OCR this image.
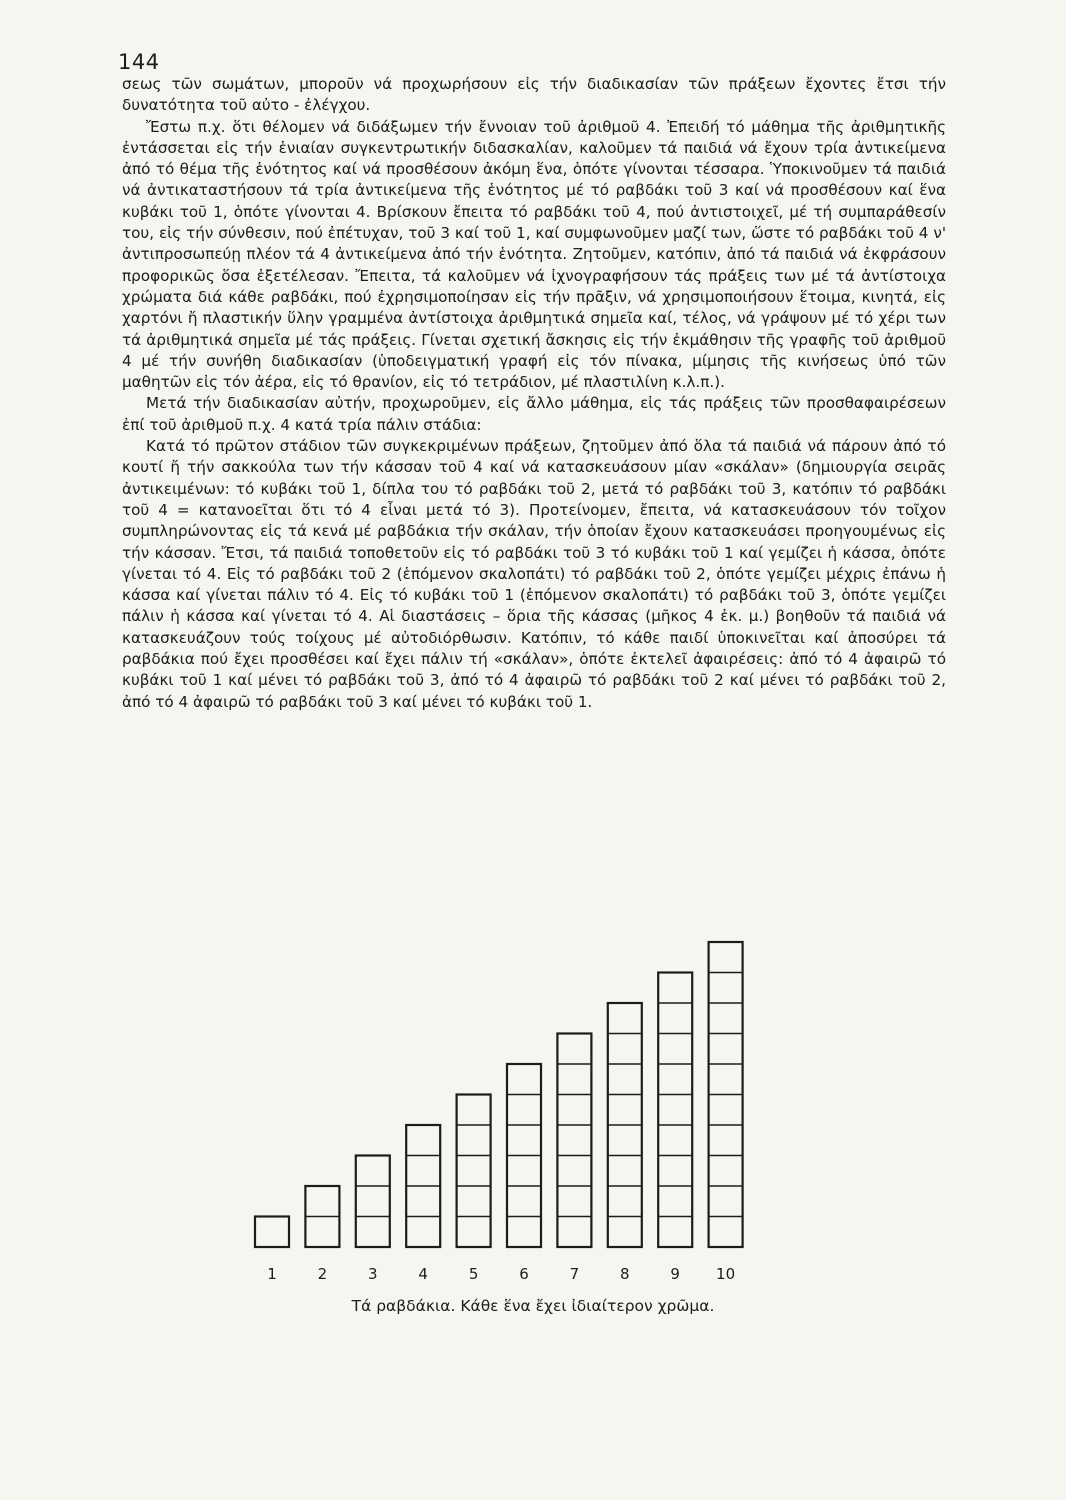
144

σεως τῶν σωμάτων, μποροῦν νά προχωρήσουν εἰς τήν διαδικασίαν τῶν πράξεων ἔχοντες ἔτσι τήν δυνατότητα τοῦ αὐτο - ἐλέγχου.

Ἔστω π.χ. ὅτι θέλομεν νά διδάξωμεν τήν ἔννοιαν τοῦ ἀριθμοῦ 4. Ἐπειδή τό μάθημα τῆς ἀριθμητικῆς ἐντάσσεται εἰς τήν ἑνιαίαν συγκεντρωτικήν διδασκαλίαν, καλοῦμεν τά παιδιά νά ἔχουν τρία ἀντικείμενα ἀπό τό θέμα τῆς ἑνότητος καί νά προσθέσουν ἀκόμη ἕνα, ὁπότε γίνονται τέσσαρα. Ὑποκινοῦμεν τά παιδιά νά ἀντικαταστήσουν τά τρία ἀντικείμενα τῆς ἑνότητος μέ τό ραβδάκι τοῦ 3 καί νά προσθέσουν καί ἕνα κυβάκι τοῦ 1, ὁπότε γίνονται 4. Βρίσκουν ἔπειτα τό ραβδάκι τοῦ 4, πού ἀντιστοιχεῖ, μέ τή συμπαράθεσίν του, εἰς τήν σύνθεσιν, πού ἐπέτυχαν, τοῦ 3 καί τοῦ 1, καί συμφωνοῦμεν μαζί των, ὥστε τό ραβδάκι τοῦ 4 ν' ἀντιπροσωπεύῃ πλέον τά 4 ἀντικείμενα ἀπό τήν ἑνότητα. Ζητοῦμεν, κατόπιν, ἀπό τά παιδιά νά ἐκφράσουν προφορικῶς ὅσα ἐξετέλεσαν. Ἔπειτα, τά καλοῦμεν νά ἰχνογραφήσουν τάς πράξεις των μέ τά ἀντίστοιχα χρώματα διά κάθε ραβδάκι, πού ἐχρησιμοποίησαν εἰς τήν πρᾶξιν, νά χρησιμοποιήσουν ἕτοιμα, κινητά, εἰς χαρτόνι ἤ πλαστικήν ὕλην γραμμένα ἀντίστοιχα ἀριθμητικά σημεῖα καί, τέλος, νά γράψουν μέ τό χέρι των τά ἀριθμητικά σημεῖα μέ τάς πράξεις. Γίνεται σχετική ἄσκησις εἰς τήν ἐκμάθησιν τῆς γραφῆς τοῦ ἀριθμοῦ 4 μέ τήν συνήθη διαδικασίαν (ὑποδειγματική γραφή εἰς τόν πίνακα, μίμησις τῆς κινήσεως ὑπό τῶν μαθητῶν εἰς τόν ἀέρα, εἰς τό θρανίον, εἰς τό τετράδιον, μέ πλαστιλίνη κ.λ.π.).

Μετά τήν διαδικασίαν αὐτήν, προχωροῦμεν, εἰς ἄλλο μάθημα, εἰς τάς πράξεις τῶν προσθαφαιρέσεων ἐπί τοῦ ἀριθμοῦ π.χ. 4 κατά τρία πάλιν στάδια:

Κατά τό πρῶτον στάδιον τῶν συγκεκριμένων πράξεων, ζητοῦμεν ἀπό ὅλα τά παιδιά νά πάρουν ἀπό τό κουτί ἤ τήν σακκούλα των τήν κάσσαν τοῦ 4 καί νά κατασκευάσουν μίαν «σκάλαν» (δημιουργία σειρᾶς ἀντικειμένων: τό κυβάκι τοῦ 1, δίπλα του τό ραβδάκι τοῦ 2, μετά τό ραβδάκι τοῦ 3, κατόπιν τό ραβδάκι τοῦ 4 = κατανοεῖται ὅτι τό 4 εἶναι μετά τό 3). Προτείνομεν, ἔπειτα, νά κατασκευάσουν τόν τοῖχον συμπληρώνοντας εἰς τά κενά μέ ραβδάκια τήν σκάλαν, τήν ὁποίαν ἔχουν κατασκευάσει προηγουμένως εἰς τήν κάσσαν. Ἔτσι, τά παιδιά τοποθετοῦν εἰς τό ραβδάκι τοῦ 3 τό κυβάκι τοῦ 1 καί γεμίζει ἡ κάσσα, ὁπότε γίνεται τό 4. Εἰς τό ραβδάκι τοῦ 2 (ἑπόμενον σκαλοπάτι) τό ραβδάκι τοῦ 2, ὁπότε γεμίζει μέχρις ἐπάνω ἡ κάσσα καί γίνεται πάλιν τό 4. Εἰς τό κυβάκι τοῦ 1 (ἑπόμενον σκαλοπάτι) τό ραβδάκι τοῦ 3, ὁπότε γεμίζει πάλιν ἡ κάσσα καί γίνεται τό 4. Αἱ διαστάσεις – ὅρια τῆς κάσσας (μῆκος 4 ἐκ. μ.) βοηθοῦν τά παιδιά νά κατασκευάζουν τούς τοίχους μέ αὐτοδιόρθωσιν. Κατόπιν, τό κάθε παιδί ὑποκινεῖται καί ἀποσύρει τά ραβδάκια πού ἔχει προσθέσει καί ἔχει πάλιν τή «σκάλαν», ὁπότε ἐκτελεῖ ἀφαιρέσεις: ἀπό τό 4 ἀφαιρῶ τό κυβάκι τοῦ 1 καί μένει τό ραβδάκι τοῦ 3, ἀπό τό 4 ἀφαιρῶ τό ραβδάκι τοῦ 2 καί μένει τό ραβδάκι τοῦ 2, ἀπό τό 4 ἀφαιρῶ τό ραβδάκι τοῦ 3 καί μένει τό κυβάκι τοῦ 1.

1	2	3	4	5	6	7	8	9 10
Τά ραβδάκια. Κάθε ἕνα ἔχει ἰδιαίτερον χρῶμα.
